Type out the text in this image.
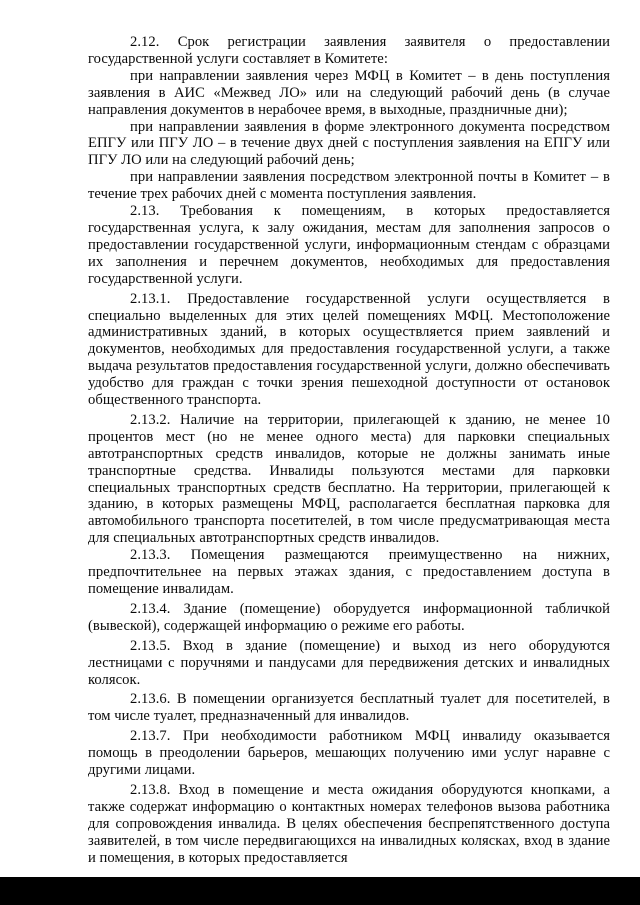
2.12. Срок регистрации заявления заявителя о предоставлении государственной услуги составляет в Комитете:

при направлении заявления через МФЦ в Комитет – в день поступления заявления в АИС «Межвед ЛО» или на следующий рабочий день (в случае направления документов в нерабочее время, в выходные, праздничные дни);

при направлении заявления в форме электронного документа посредством ЕПГУ или ПГУ ЛО – в течение двух дней с поступления заявления на ЕПГУ или ПГУ ЛО или на следующий рабочий день;

при направлении заявления посредством электронной почты в Комитет – в течение трех рабочих дней с момента поступления заявления.

2.13. Требования к помещениям, в которых предоставляется государственная услуга, к залу ожидания, местам для заполнения запросов о предоставлении государственной услуги, информационным стендам с образцами их заполнения и перечнем документов, необходимых для предоставления государственной услуги.

2.13.1. Предоставление государственной услуги осуществляется в специально выделенных для этих целей помещениях МФЦ. Местоположение административных зданий, в которых осуществляется прием заявлений и документов, необходимых для предоставления государственной услуги, а также выдача результатов предоставления государственной услуги, должно обеспечивать удобство для граждан с точки зрения пешеходной доступности от остановок общественного транспорта.

2.13.2. Наличие на территории, прилегающей к зданию, не менее 10 процентов мест (но не менее одного места) для парковки специальных автотранспортных средств инвалидов, которые не должны занимать иные транспортные средства. Инвалиды пользуются местами для парковки специальных транспортных средств бесплатно. На территории, прилегающей к зданию, в которых размещены МФЦ, располагается бесплатная парковка для автомобильного транспорта посетителей, в том числе предусматривающая места для специальных автотранспортных средств инвалидов.

2.13.3. Помещения размещаются преимущественно на нижних, предпочтительнее на первых этажах здания, с предоставлением доступа в помещение инвалидам.

2.13.4. Здание (помещение) оборудуется информационной табличкой (вывеской), содержащей информацию о режиме его работы.

2.13.5. Вход в здание (помещение) и выход из него оборудуются лестницами с поручнями и пандусами для передвижения детских и инвалидных колясок.

2.13.6. В помещении организуется бесплатный туалет для посетителей, в том числе туалет, предназначенный для инвалидов.

2.13.7. При необходимости работником МФЦ инвалиду оказывается помощь в преодолении барьеров, мешающих получению ими услуг наравне с другими лицами.

2.13.8. Вход в помещение и места ожидания оборудуются кнопками, а также содержат информацию о контактных номерах телефонов вызова работника для сопровождения инвалида. В целях обеспечения беспрепятственного доступа заявителей, в том числе передвигающихся на инвалидных колясках, вход в здание и помещения, в которых предоставляется
